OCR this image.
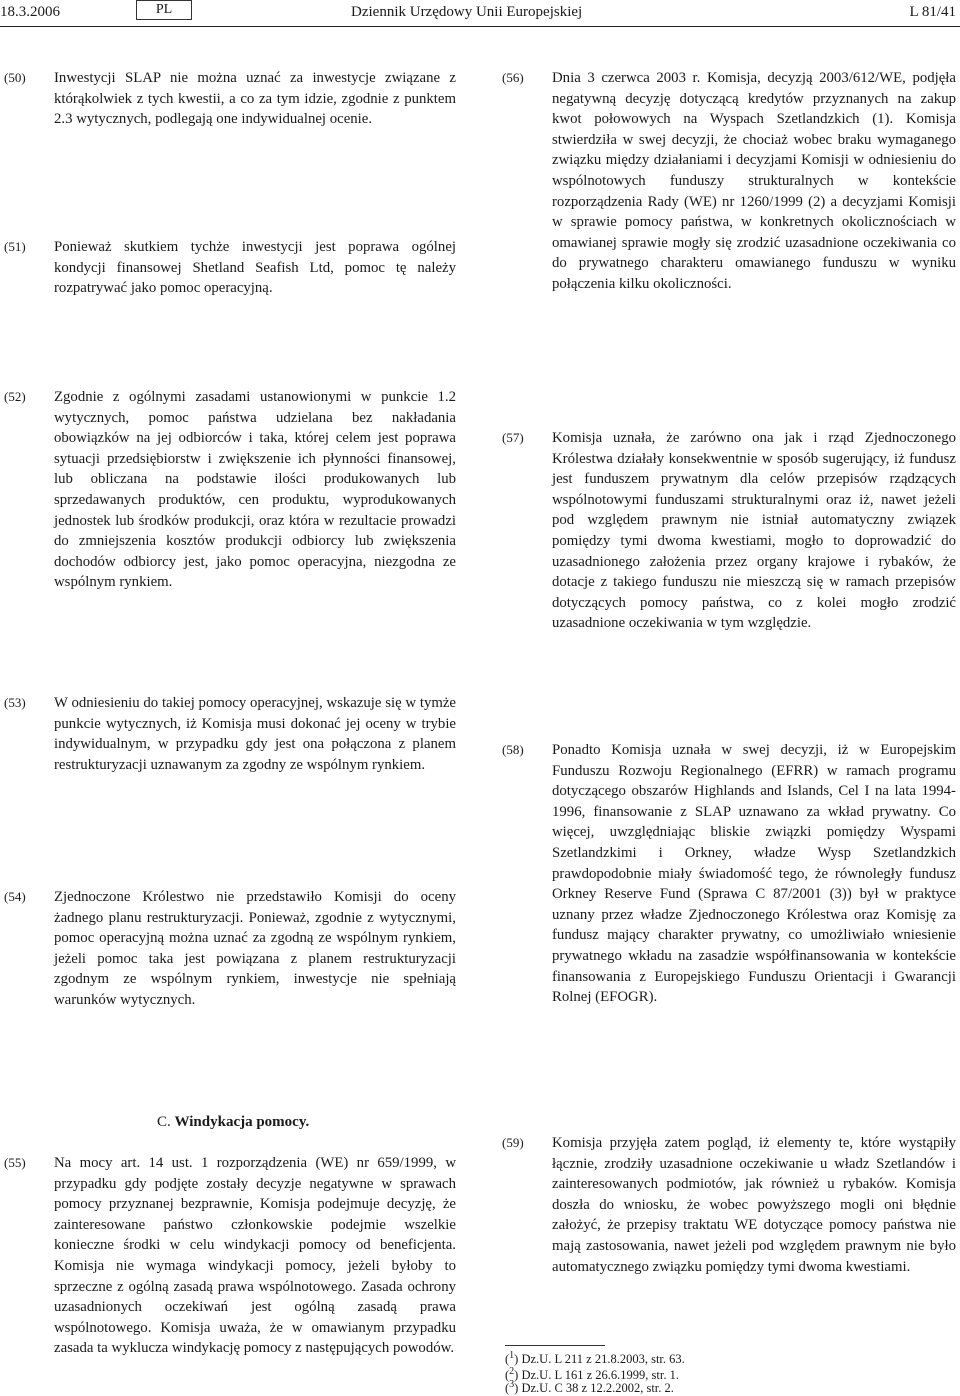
18.3.2006	PL	Dziennik Urzędowy Unii Europejskiej	L 81/41
(50) Inwestycji SLAP nie można uznać za inwestycje związane z którąkolwiek z tych kwestii, a co za tym idzie, zgodnie z punktem 2.3 wytycznych, podlegają one indywidualnej ocenie.
(51) Ponieważ skutkiem tychże inwestycji jest poprawa ogólnej kondycji finansowej Shetland Seafish Ltd, pomoc tę należy rozpatrywać jako pomoc operacyjną.
(52) Zgodnie z ogólnymi zasadami ustanowionymi w punkcie 1.2 wytycznych, pomoc państwa udzielana bez nakładania obowiązków na jej odbiorców i taka, której celem jest poprawa sytuacji przedsiębiorstw i zwiększenie ich płynności finansowej, lub obliczana na podstawie ilości produkowanych lub sprzedawanych produktów, cen produktu, wyprodukowanych jednostek lub środków produkcji, oraz która w rezultacie prowadzi do zmniejszenia kosztów produkcji odbiorcy lub zwiększenia dochodów odbiorcy jest, jako pomoc operacyjna, niezgodna ze wspólnym rynkiem.
(53) W odniesieniu do takiej pomocy operacyjnej, wskazuje się w tymże punkcie wytycznych, iż Komisja musi dokonać jej oceny w trybie indywidualnym, w przypadku gdy jest ona połączona z planem restrukturyzacji uznawanym za zgodny ze wspólnym rynkiem.
(54) Zjednoczone Królestwo nie przedstawiło Komisji do oceny żadnego planu restrukturyzacji. Ponieważ, zgodnie z wytycznymi, pomoc operacyjną można uznać za zgodną ze wspólnym rynkiem, jeżeli pomoc taka jest powiązana z planem restrukturyzacji zgodnym ze wspólnym rynkiem, inwestycje nie spełniają warunków wytycznych.
C. Windykacja pomocy.
(55) Na mocy art. 14 ust. 1 rozporządzenia (WE) nr 659/1999, w przypadku gdy podjęte zostały decyzje negatywne w sprawach pomocy przyznanej bezprawnie, Komisja podejmuje decyzję, że zainteresowane państwo członkowskie podejmie wszelkie konieczne środki w celu windykacji pomocy od beneficjenta. Komisja nie wymaga windykacji pomocy, jeżeli byłoby to sprzeczne z ogólną zasadą prawa wspólnotowego. Zasada ochrony uzasadnionych oczekiwań jest ogólną zasadą prawa wspólnotowego. Komisja uważa, że w omawianym przypadku zasada ta wyklucza windykację pomocy z następujących powodów.
(56) Dnia 3 czerwca 2003 r. Komisja, decyzją 2003/612/WE, podjęła negatywną decyzję dotyczącą kredytów przyznanych na zakup kwot połowowych na Wyspach Szetlandzkich (1). Komisja stwierdziła w swej decyzji, że chociaż wobec braku wymaganego związku między działaniami i decyzjami Komisji w odniesieniu do wspólnotowych funduszy strukturalnych w kontekście rozporządzenia Rady (WE) nr 1260/1999 (2) a decyzjami Komisji w sprawie pomocy państwa, w konkretnych okolicznościach w omawianej sprawie mogły się zrodzić uzasadnione oczekiwania co do prywatnego charakteru omawianego funduszu w wyniku połączenia kilku okoliczności.
(57) Komisja uznała, że zarówno ona jak i rząd Zjednoczonego Królestwa działały konsekwentnie w sposób sugerujący, iż fundusz jest funduszem prywatnym dla celów przepisów rządzących wspólnotowymi funduszami strukturalnymi oraz iż, nawet jeżeli pod względem prawnym nie istniał automatyczny związek pomiędzy tymi dwoma kwestiami, mogło to doprowadzić do uzasadnionego założenia przez organy krajowe i rybaków, że dotacje z takiego funduszu nie mieszczą się w ramach przepisów dotyczących pomocy państwa, co z kolei mogło zrodzić uzasadnione oczekiwania w tym względzie.
(58) Ponadto Komisja uznała w swej decyzji, iż w Europejskim Funduszu Rozwoju Regionalnego (EFRR) w ramach programu dotyczącego obszarów Highlands and Islands, Cel I na lata 1994-1996, finansowanie z SLAP uznawano za wkład prywatny. Co więcej, uwzględniając bliskie związki pomiędzy Wyspami Szetlandzkimi i Orkney, władze Wysp Szetlandzkich prawdopodobnie miały świadomość tego, że równoległy fundusz Orkney Reserve Fund (Sprawa C 87/2001 (3)) był w praktyce uznany przez władze Zjednoczonego Królestwa oraz Komisję za fundusz mający charakter prywatny, co umożliwiało wniesienie prywatnego wkładu na zasadzie współfinansowania w kontekście finansowania z Europejskiego Funduszu Orientacji i Gwarancji Rolnej (EFOGR).
(59) Komisja przyjęła zatem pogląd, iż elementy te, które wystąpiły łącznie, zrodziły uzasadnione oczekiwanie u władz Szetlandów i zainteresowanych podmiotów, jak również u rybaków. Komisja doszła do wniosku, że wobec powyższego mogli oni błędnie założyć, że przepisy traktatu WE dotyczące pomocy państwa nie mają zastosowania, nawet jeżeli pod względem prawnym nie było automatycznego związku pomiędzy tymi dwoma kwestiami.
($^1$) Dz.U. L 211 z 21.8.2003, str. 63.
($^2$) Dz.U. L 161 z 26.6.1999, str. 1.
($^3$) Dz.U. C 38 z 12.2.2002, str. 2.
